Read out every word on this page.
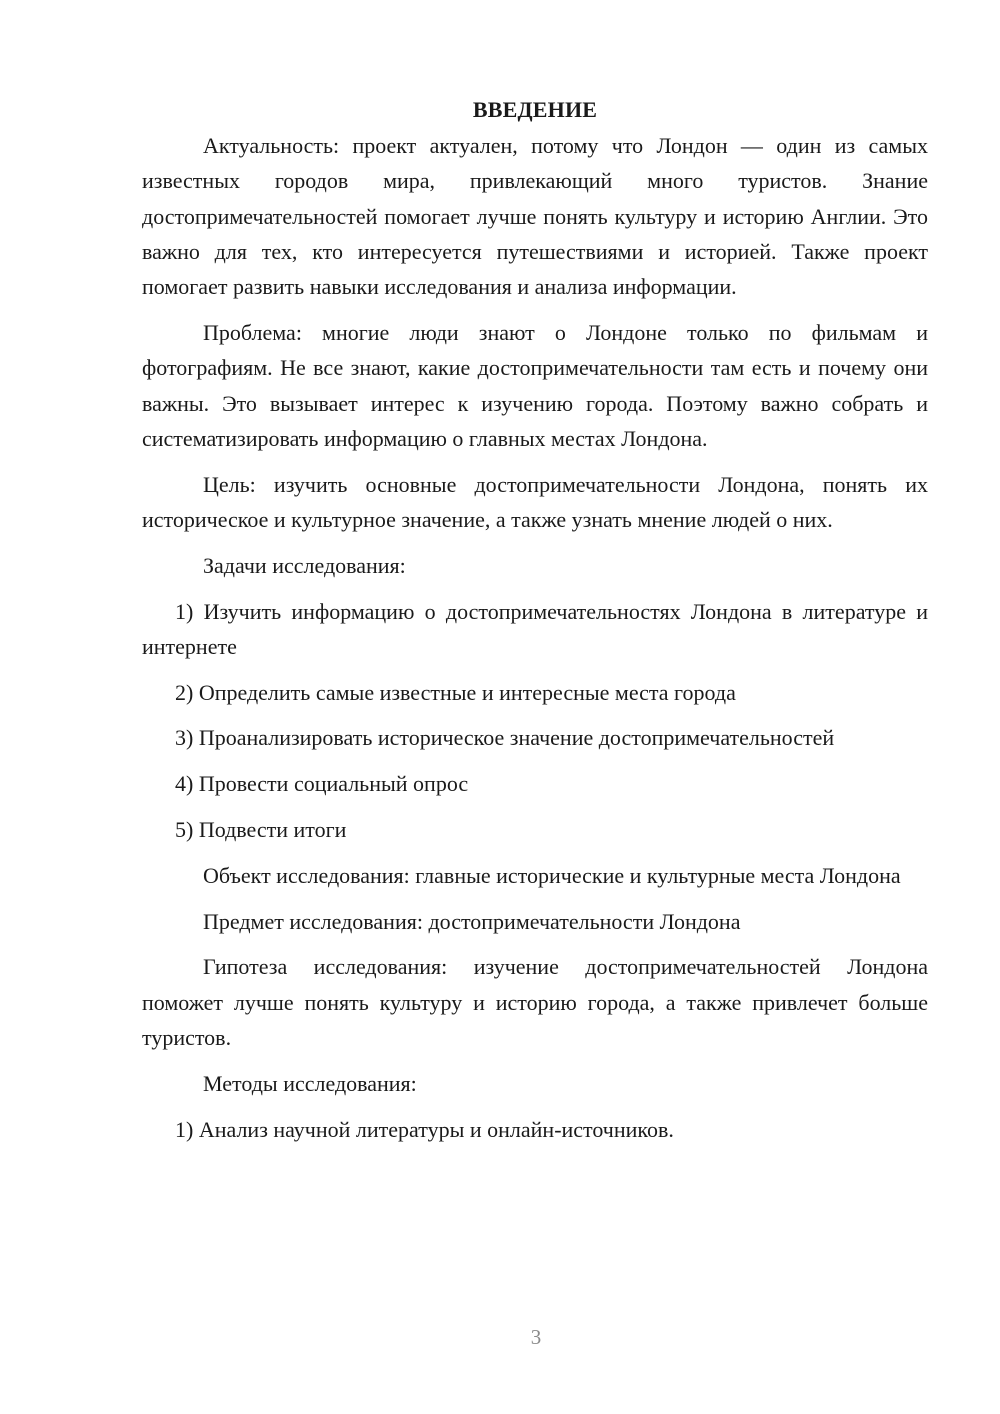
ВВЕДЕНИЕ

Актуальность: проект актуален, потому что Лондон — один из самых известных городов мира, привлекающий много туристов. Знание достопримечательностей помогает лучше понять культуру и историю Англии. Это важно для тех, кто интересуется путешествиями и историей. Также проект помогает развить навыки исследования и анализа информации.

Проблема: многие люди знают о Лондоне только по фильмам и фотографиям. Не все знают, какие достопримечательности там есть и почему они важны. Это вызывает интерес к изучению города. Поэтому важно собрать и систематизировать информацию о главных местах Лондона.

Цель: изучить основные достопримечательности Лондона, понять их историческое и культурное значение, а также узнать мнение людей о них.

Задачи исследования:

1) Изучить информацию о достопримечательностях Лондона в литературе и интернете

2) Определить самые известные и интересные места города

3) Проанализировать историческое значение достопримечательностей

4) Провести социальный опрос

5) Подвести итоги

Объект исследования: главные исторические и культурные места Лондона

Предмет исследования: достопримечательности Лондона

Гипотеза исследования: изучение достопримечательностей Лондона поможет лучше понять культуру и историю города, а также привлечет больше туристов.

Методы исследования:

1) Анализ научной литературы и онлайн-источников.

3
